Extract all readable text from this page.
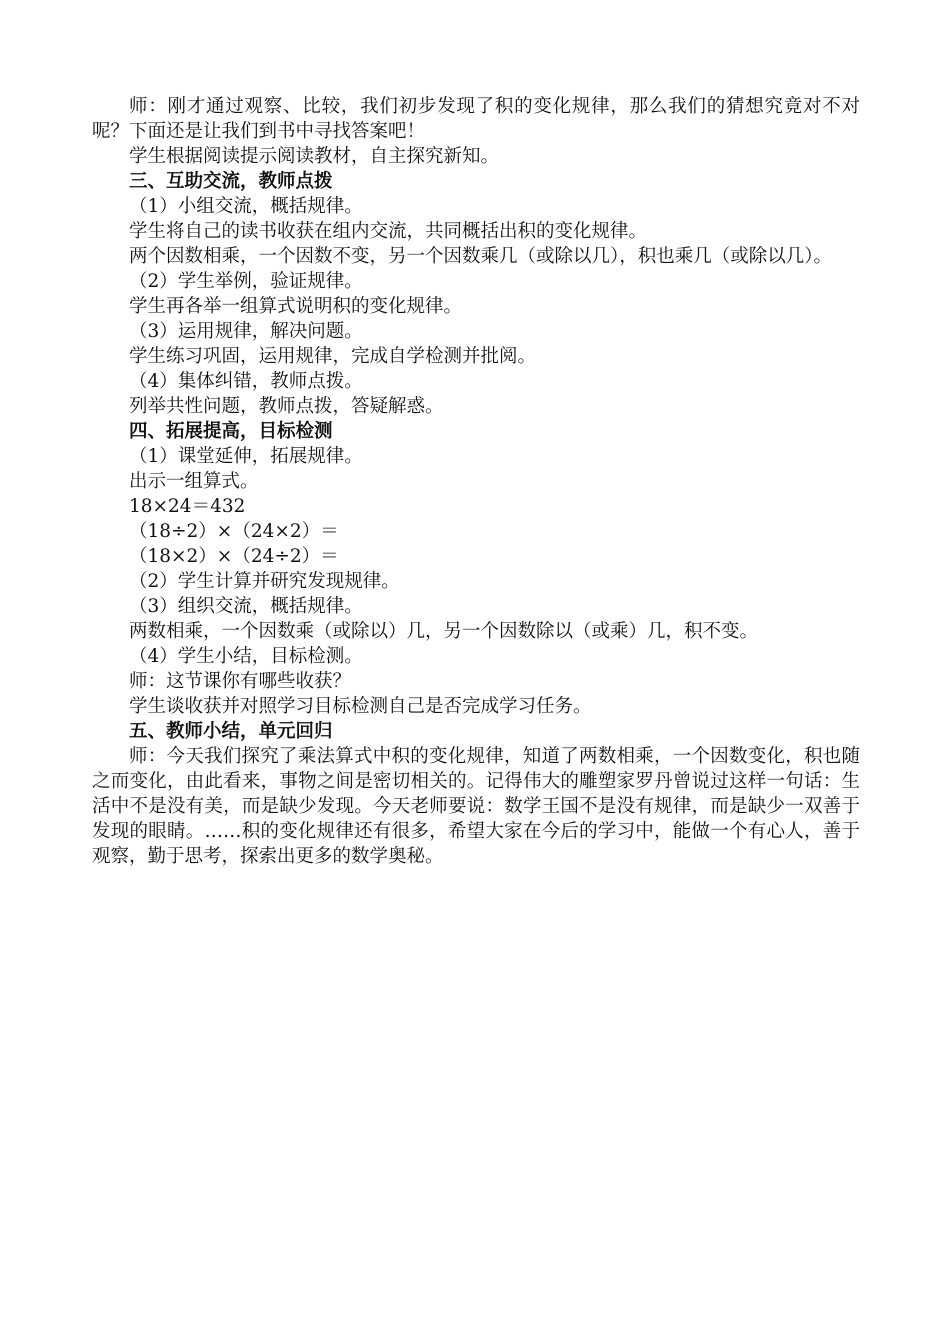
师：刚才通过观察、比较，我们初步发现了积的变化规律，那么我们的猜想究竟对不对呢？下面还是让我们到书中寻找答案吧！

学生根据阅读提示阅读教材，自主探究新知。

三、互助交流，教师点拨

（1）小组交流，概括规律。

学生将自己的读书收获在组内交流，共同概括出积的变化规律。

两个因数相乘，一个因数不变，另一个因数乘几（或除以几），积也乘几（或除以几）。

（2）学生举例，验证规律。

学生再各举一组算式说明积的变化规律。

（3）运用规律，解决问题。

学生练习巩固，运用规律，完成自学检测并批阅。

（4）集体纠错，教师点拨。

列举共性问题，教师点拨，答疑解惑。

四、拓展提高，目标检测

（1）课堂延伸，拓展规律。

出示一组算式。

18×24＝432

（18÷2）×（24×2）＝

（18×2）×（24÷2）＝

（2）学生计算并研究发现规律。

（3）组织交流，概括规律。

两数相乘，一个因数乘（或除以）几，另一个因数除以（或乘）几，积不变。

（4）学生小结，目标检测。

师：这节课你有哪些收获？

学生谈收获并对照学习目标检测自己是否完成学习任务。

五、教师小结，单元回归

师：今天我们探究了乘法算式中积的变化规律，知道了两数相乘，一个因数变化，积也随之而变化，由此看来，事物之间是密切相关的。记得伟大的雕塑家罗丹曾说过这样一句话：生活中不是没有美，而是缺少发现。今天老师要说：数学王国不是没有规律，而是缺少一双善于发现的眼睛。……积的变化规律还有很多，希望大家在今后的学习中，能做一个有心人，善于观察，勤于思考，探索出更多的数学奥秘。
